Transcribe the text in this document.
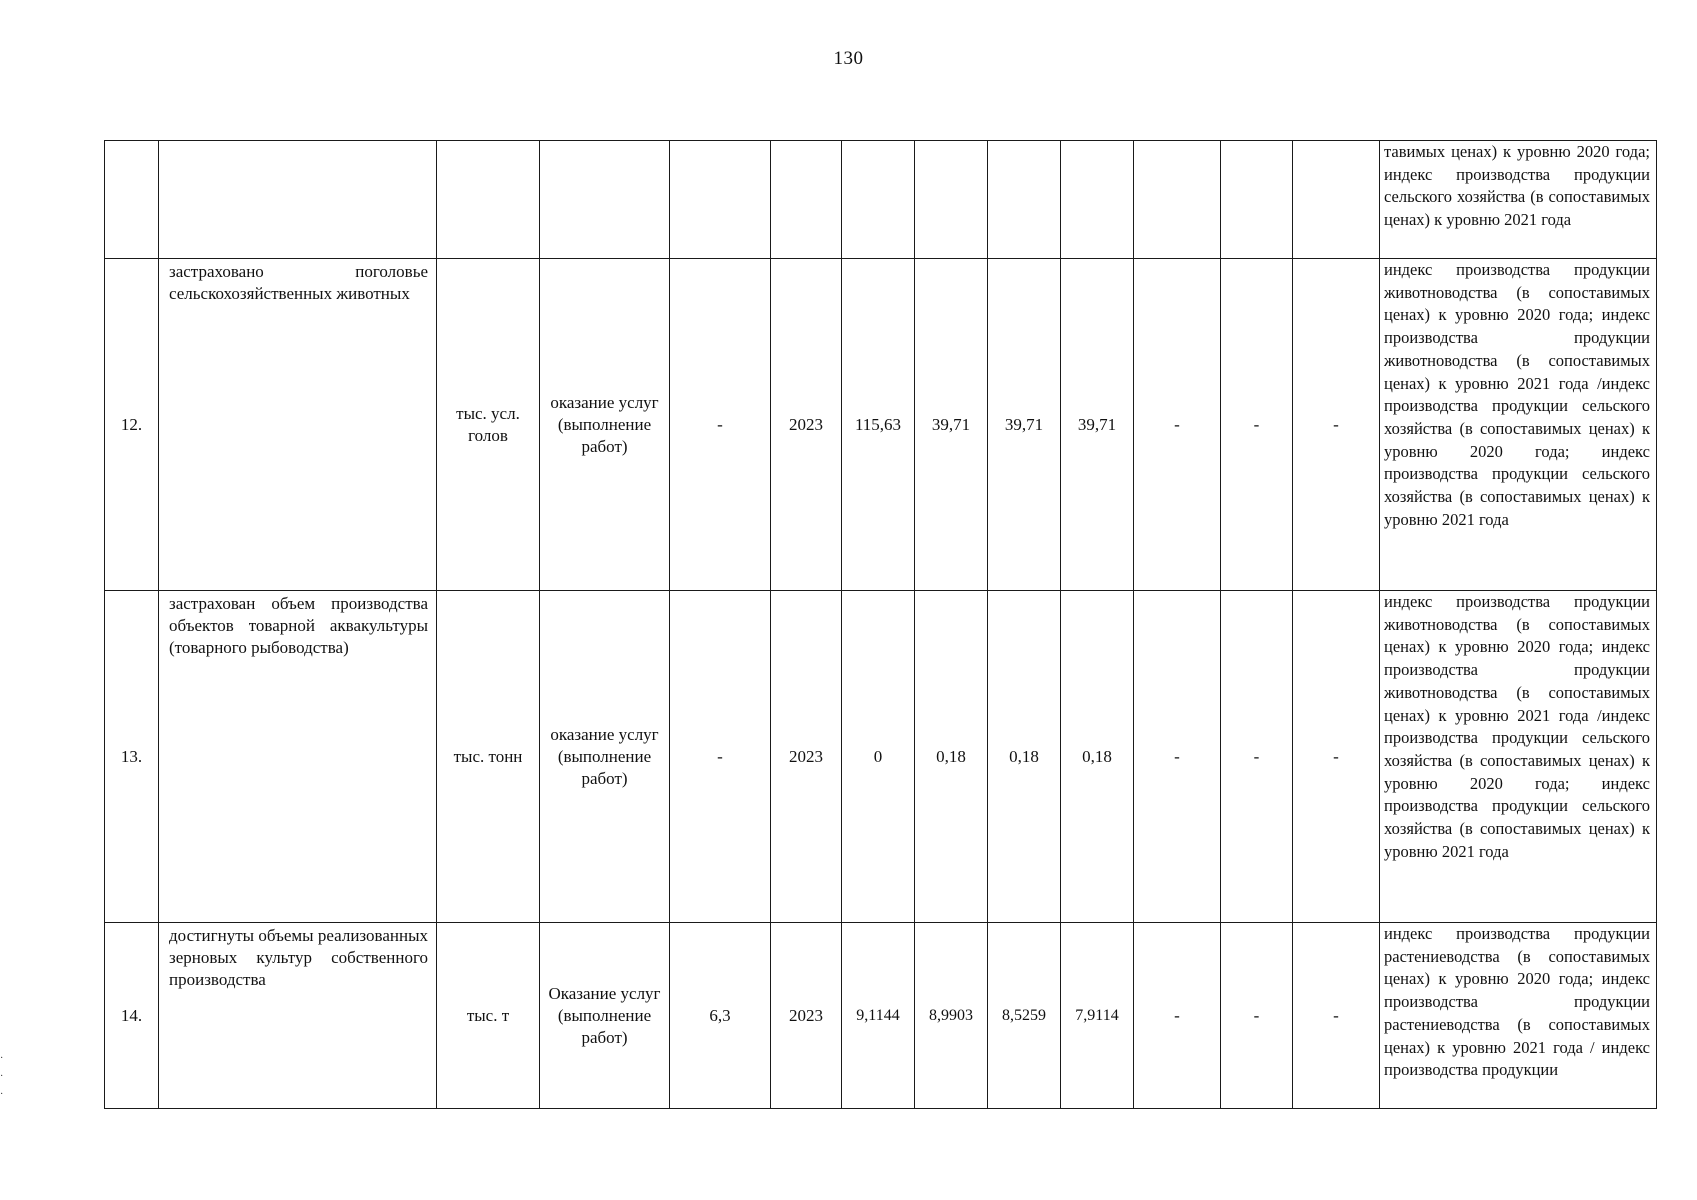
130
													тавимых ценах) к уровню 2020 года; индекс производства продукции сельского хозяйства (в сопоставимых ценах) к уровню 2021 года
12.	застраховано поголовье сельскохозяйственных животных	тыс. усл. голов	оказание услуг (выполнение работ)	-	2023	115,63	39,71	39,71	39,71	-	-	-	индекс производства продукции животноводства (в сопоставимых ценах) к уровню 2020 года; индекс производства продукции животноводства (в сопоставимых ценах) к уровню 2021 года /индекс производства продукции сельского хозяйства (в сопоставимых ценах) к уровню 2020 года; индекс производства продукции сельского хозяйства (в сопоставимых ценах) к уровню 2021 года
13.	застрахован объем производства объектов товарной аквакультуры (товарного рыбоводства)	тыс. тонн	оказание услуг (выполнение работ)	-	2023	0	0,18	0,18	0,18	-	-	-	индекс производства продукции животноводства (в сопоставимых ценах) к уровню 2020 года; индекс производства продукции животноводства (в сопоставимых ценах) к уровню 2021 года /индекс производства продукции сельского хозяйства (в сопоставимых ценах) к уровню 2020 года; индекс производства продукции сельского хозяйства (в сопоставимых ценах) к уровню 2021 года
14.	достигнуты объемы реализованных зерновых культур собственного производства	тыс. т	Оказание услуг (выполнение работ)	6,3	2023	9,1144	8,9903	8,5259	7,9114	-	-	-	индекс производства продукции растениеводства (в сопоставимых ценах) к уровню 2020 года; индекс производства продукции растениеводства (в сопоставимых ценах) к уровню 2021 года / индекс производства продукции
·
·
·
